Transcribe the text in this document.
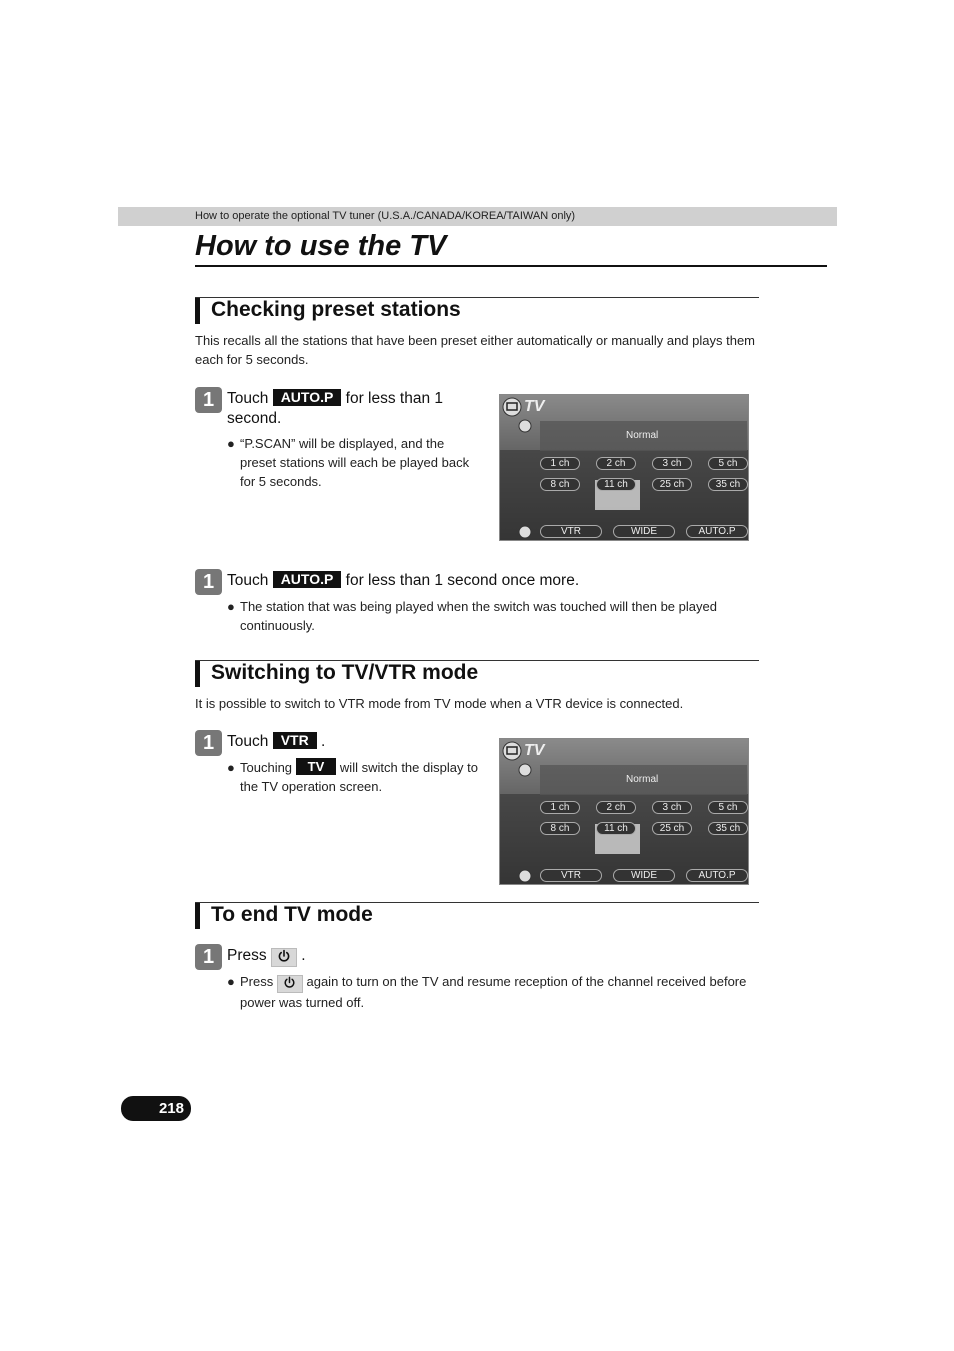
How to operate the optional TV tuner (U.S.A./CANADA/KOREA/TAIWAN only)
How to use the TV
Checking preset stations
This recalls all the stations that have been preset either automatically or manually and plays them each for 5 seconds.
1 Touch AUTO.P for less than 1 second.
● “P.SCAN” will be displayed, and the preset stations will each be played back for 5 seconds.
TV
Normal
1 ch	2 ch	3 ch	5 ch
8 ch	11 ch	25 ch	35 ch
VTR	WIDE	AUTO.P
1 Touch AUTO.P for less than 1 second once more.
● The station that was being played when the switch was touched will then be played continuously.
Switching to TV/VTR mode
It is possible to switch to VTR mode from TV mode when a VTR device is connected.
1 Touch VTR .
● Touching TV will switch the display to the TV operation screen.
TV
Normal
1 ch	2 ch	3 ch	5 ch
8 ch	11 ch	25 ch	35 ch
VTR	WIDE	AUTO.P
To end TV mode
1 Press .
● Press	again to turn on the TV and resume reception of the channel received before power was turned off.
218
